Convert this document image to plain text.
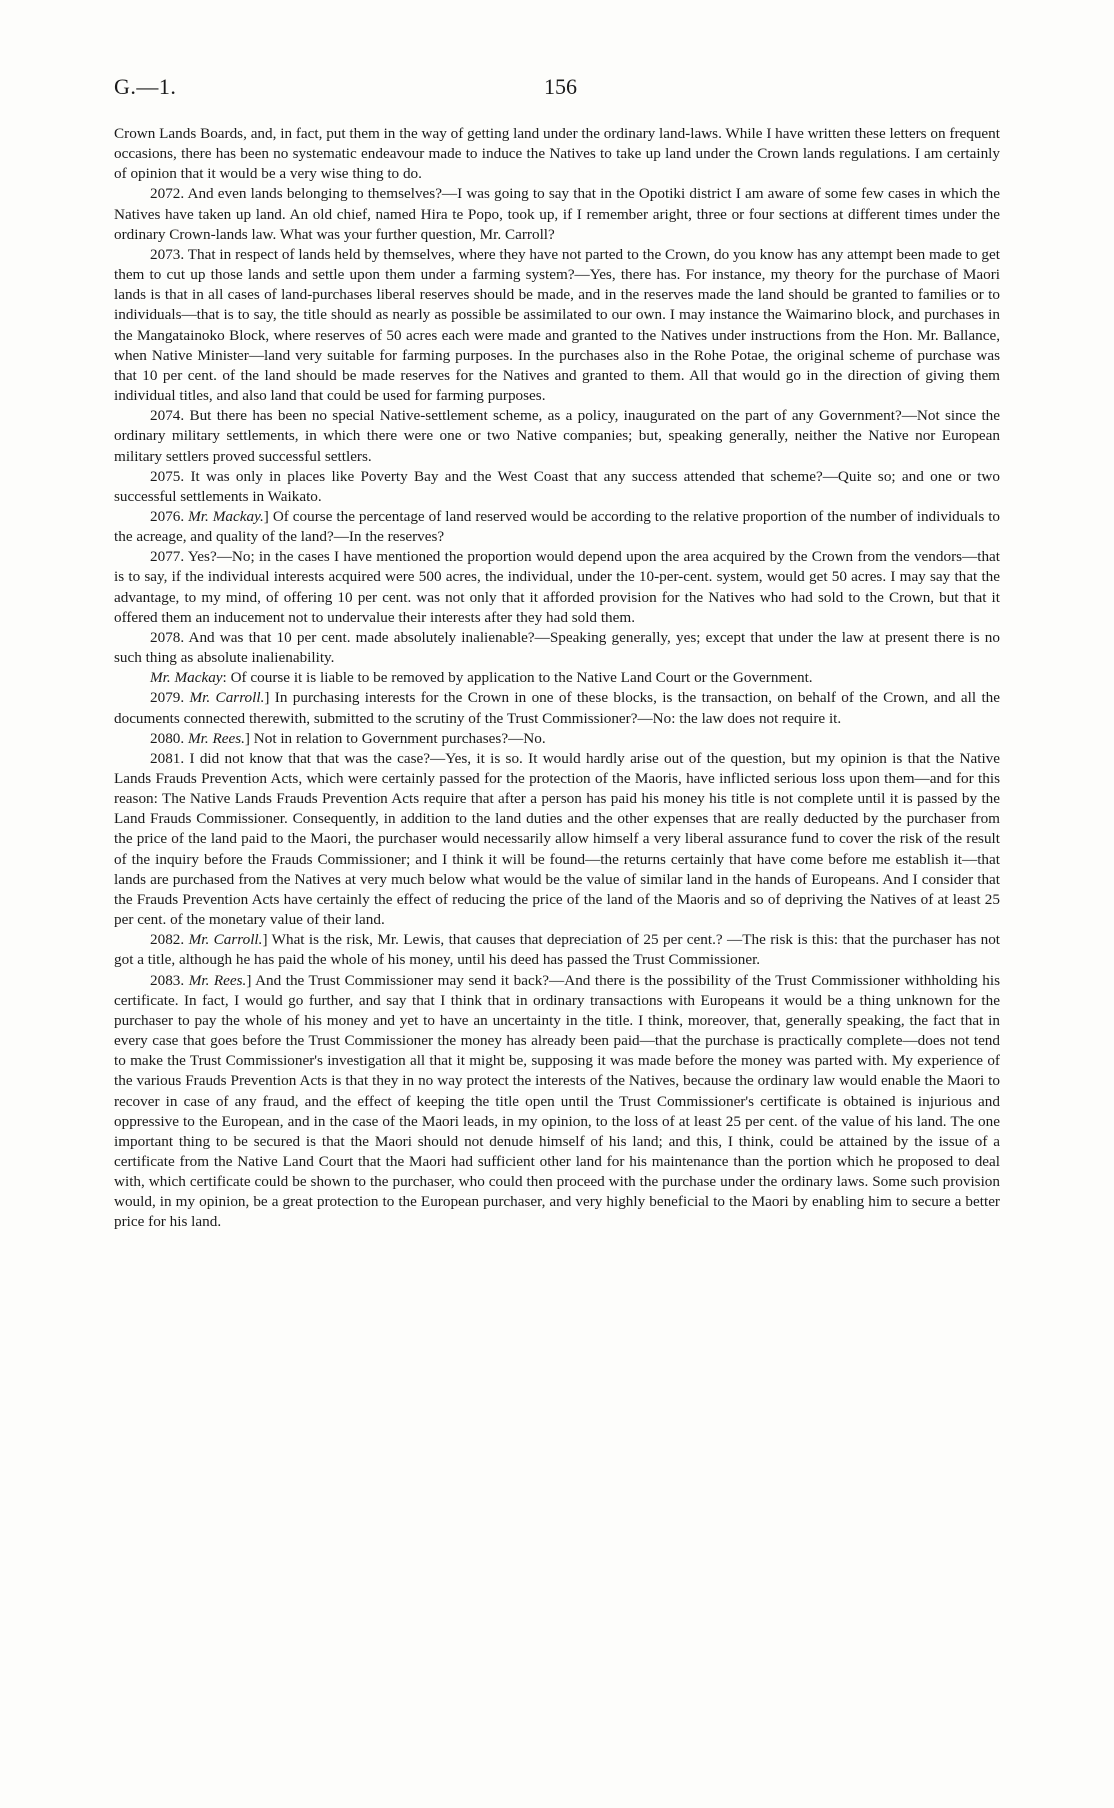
G.—1.	156

Crown Lands Boards, and, in fact, put them in the way of getting land under the ordinary land-laws. While I have written these letters on frequent occasions, there has been no systematic endeavour made to induce the Natives to take up land under the Crown lands regulations. I am certainly of opinion that it would be a very wise thing to do.

2072. And even lands belonging to themselves?—I was going to say that in the Opotiki district I am aware of some few cases in which the Natives have taken up land. An old chief, named Hira te Popo, took up, if I remember aright, three or four sections at different times under the ordinary Crown-lands law. What was your further question, Mr. Carroll?

2073. That in respect of lands held by themselves, where they have not parted to the Crown, do you know has any attempt been made to get them to cut up those lands and settle upon them under a farming system?—Yes, there has. For instance, my theory for the purchase of Maori lands is that in all cases of land-purchases liberal reserves should be made, and in the reserves made the land should be granted to families or to individuals—that is to say, the title should as nearly as possible be assimilated to our own. I may instance the Waimarino block, and purchases in the Mangatainoko Block, where reserves of 50 acres each were made and granted to the Natives under instructions from the Hon. Mr. Ballance, when Native Minister—land very suitable for farming purposes. In the purchases also in the Rohe Potae, the original scheme of purchase was that 10 per cent. of the land should be made reserves for the Natives and granted to them. All that would go in the direction of giving them individual titles, and also land that could be used for farming purposes.

2074. But there has been no special Native-settlement scheme, as a policy, inaugurated on the part of any Government?—Not since the ordinary military settlements, in which there were one or two Native companies; but, speaking generally, neither the Native nor European military settlers proved successful settlers.

2075. It was only in places like Poverty Bay and the West Coast that any success attended that scheme?—Quite so; and one or two successful settlements in Waikato.

2076. Mr. Mackay.] Of course the percentage of land reserved would be according to the relative proportion of the number of individuals to the acreage, and quality of the land?—In the reserves?

2077. Yes?—No; in the cases I have mentioned the proportion would depend upon the area acquired by the Crown from the vendors—that is to say, if the individual interests acquired were 500 acres, the individual, under the 10-per-cent. system, would get 50 acres. I may say that the advantage, to my mind, of offering 10 per cent. was not only that it afforded provision for the Natives who had sold to the Crown, but that it offered them an inducement not to undervalue their interests after they had sold them.

2078. And was that 10 per cent. made absolutely inalienable?—Speaking generally, yes; except that under the law at present there is no such thing as absolute inalienability.

Mr. Mackay: Of course it is liable to be removed by application to the Native Land Court or the Government.

2079. Mr. Carroll.] In purchasing interests for the Crown in one of these blocks, is the transaction, on behalf of the Crown, and all the documents connected therewith, submitted to the scrutiny of the Trust Commissioner?—No: the law does not require it.

2080. Mr. Rees.] Not in relation to Government purchases?—No.

2081. I did not know that that was the case?—Yes, it is so. It would hardly arise out of the question, but my opinion is that the Native Lands Frauds Prevention Acts, which were certainly passed for the protection of the Maoris, have inflicted serious loss upon them—and for this reason: The Native Lands Frauds Prevention Acts require that after a person has paid his money his title is not complete until it is passed by the Land Frauds Commissioner. Consequently, in addition to the land duties and the other expenses that are really deducted by the purchaser from the price of the land paid to the Maori, the purchaser would necessarily allow himself a very liberal assurance fund to cover the risk of the result of the inquiry before the Frauds Commissioner; and I think it will be found—the returns certainly that have come before me establish it—that lands are purchased from the Natives at very much below what would be the value of similar land in the hands of Europeans. And I consider that the Frauds Prevention Acts have certainly the effect of reducing the price of the land of the Maoris and so of depriving the Natives of at least 25 per cent. of the monetary value of their land.

2082. Mr. Carroll.] What is the risk, Mr. Lewis, that causes that depreciation of 25 per cent.? —The risk is this: that the purchaser has not got a title, although he has paid the whole of his money, until his deed has passed the Trust Commissioner.

2083. Mr. Rees.] And the Trust Commissioner may send it back?—And there is the possibility of the Trust Commissioner withholding his certificate. In fact, I would go further, and say that I think that in ordinary transactions with Europeans it would be a thing unknown for the purchaser to pay the whole of his money and yet to have an uncertainty in the title. I think, moreover, that, generally speaking, the fact that in every case that goes before the Trust Commissioner the money has already been paid—that the purchase is practically complete—does not tend to make the Trust Commissioner's investigation all that it might be, supposing it was made before the money was parted with. My experience of the various Frauds Prevention Acts is that they in no way protect the interests of the Natives, because the ordinary law would enable the Maori to recover in case of any fraud, and the effect of keeping the title open until the Trust Commissioner's certificate is obtained is injurious and oppressive to the European, and in the case of the Maori leads, in my opinion, to the loss of at least 25 per cent. of the value of his land. The one important thing to be secured is that the Maori should not denude himself of his land; and this, I think, could be attained by the issue of a certificate from the Native Land Court that the Maori had sufficient other land for his maintenance than the portion which he proposed to deal with, which certificate could be shown to the purchaser, who could then proceed with the purchase under the ordinary laws. Some such provision would, in my opinion, be a great protection to the European purchaser, and very highly beneficial to the Maori by enabling him to secure a better price for his land.
